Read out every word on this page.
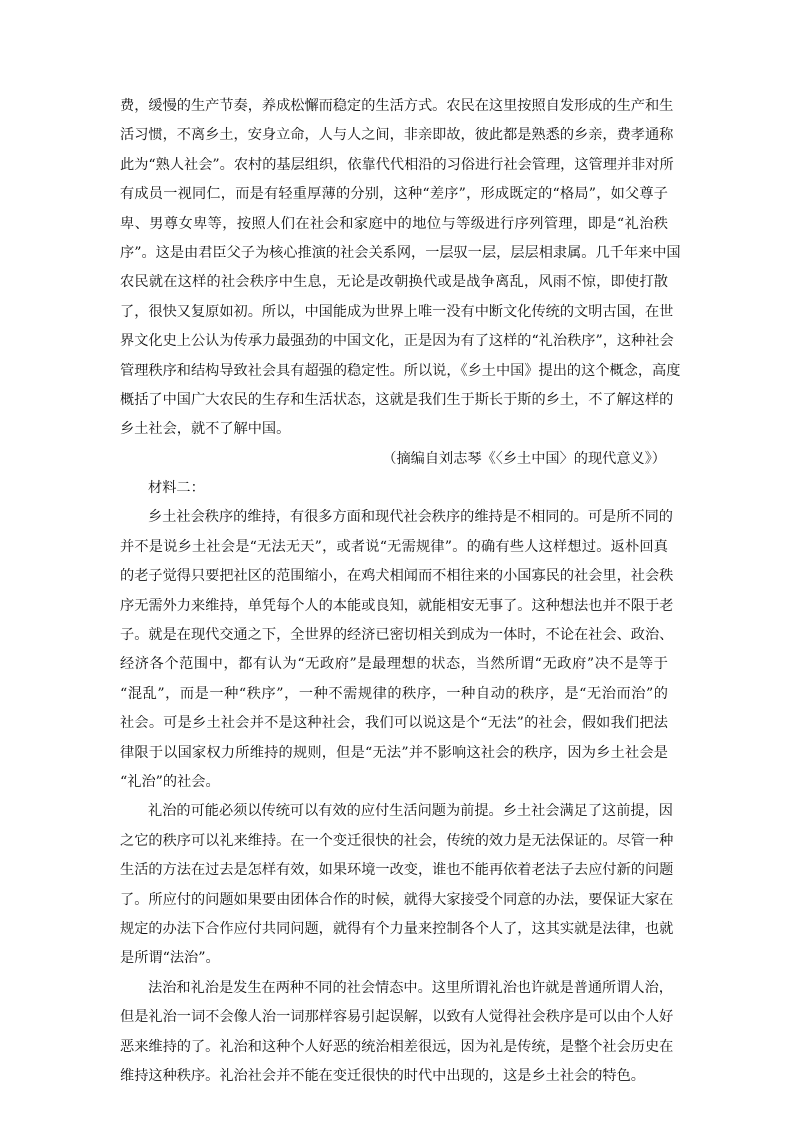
费，缓慢的生产节奏，养成松懈而稳定的生活方式。农民在这里按照自发形成的生产和生
活习惯，不离乡土，安身立命，人与人之间，非亲即故，彼此都是熟悉的乡亲，费孝通称
此为“熟人社会”。农村的基层组织，依靠代代相沿的习俗进行社会管理，这管理并非对所
有成员一视同仁，而是有轻重厚薄的分别，这种“差序”，形成既定的“格局”，如父尊子
卑、男尊女卑等，按照人们在社会和家庭中的地位与等级进行序列管理，即是“礼治秩
序”。这是由君臣父子为核心推演的社会关系网，一层驭一层，层层相隶属。几千年来中国
农民就在这样的社会秩序中生息，无论是改朝换代或是战争离乱，风雨不惊，即使打散
了，很快又复原如初。所以，中国能成为世界上唯一没有中断文化传统的文明古国，在世
界文化史上公认为传承力最强劲的中国文化，正是因为有了这样的“礼治秩序”，这种社会
管理秩序和结构导致社会具有超强的稳定性。所以说，《乡土中国》提出的这个概念，高度
概括了中国广大农民的生存和生活状态，这就是我们生于斯长于斯的乡土，不了解这样的
乡土社会，就不了解中国。
（摘编自刘志琴《〈乡土中国〉的现代意义》）
材料二：
乡土社会秩序的维持，有很多方面和现代社会秩序的维持是不相同的。可是所不同的
并不是说乡土社会是“无法无天”，或者说“无需规律”。的确有些人这样想过。返朴回真
的老子觉得只要把社区的范围缩小，在鸡犬相闻而不相往来的小国寡民的社会里，社会秩
序无需外力来维持，单凭每个人的本能或良知，就能相安无事了。这种想法也并不限于老
子。就是在现代交通之下，全世界的经济已密切相关到成为一体时，不论在社会、政治、
经济各个范围中，都有认为“无政府”是最理想的状态，当然所谓“无政府”决不是等于
“混乱”，而是一种“秩序”，一种不需规律的秩序，一种自动的秩序，是“无治而治”的
社会。可是乡土社会并不是这种社会，我们可以说这是个“无法”的社会，假如我们把法
律限于以国家权力所维持的规则，但是“无法”并不影响这社会的秩序，因为乡土社会是
“礼治”的社会。
礼治的可能必须以传统可以有效的应付生活问题为前提。乡土社会满足了这前提，因
之它的秩序可以礼来维持。在一个变迁很快的社会，传统的效力是无法保证的。尽管一种
生活的方法在过去是怎样有效，如果环境一改变，谁也不能再依着老法子去应付新的问题
了。所应付的问题如果要由团体合作的时候，就得大家接受个同意的办法，要保证大家在
规定的办法下合作应付共同问题，就得有个力量来控制各个人了，这其实就是法律，也就
是所谓“法治”。
法治和礼治是发生在两种不同的社会情态中。这里所谓礼治也许就是普通所谓人治，
但是礼治一词不会像人治一词那样容易引起误解，以致有人觉得社会秩序是可以由个人好
恶来维持的了。礼治和这种个人好恶的统治相差很远，因为礼是传统，是整个社会历史在
维持这种秩序。礼治社会并不能在变迁很快的时代中出现的，这是乡土社会的特色。
